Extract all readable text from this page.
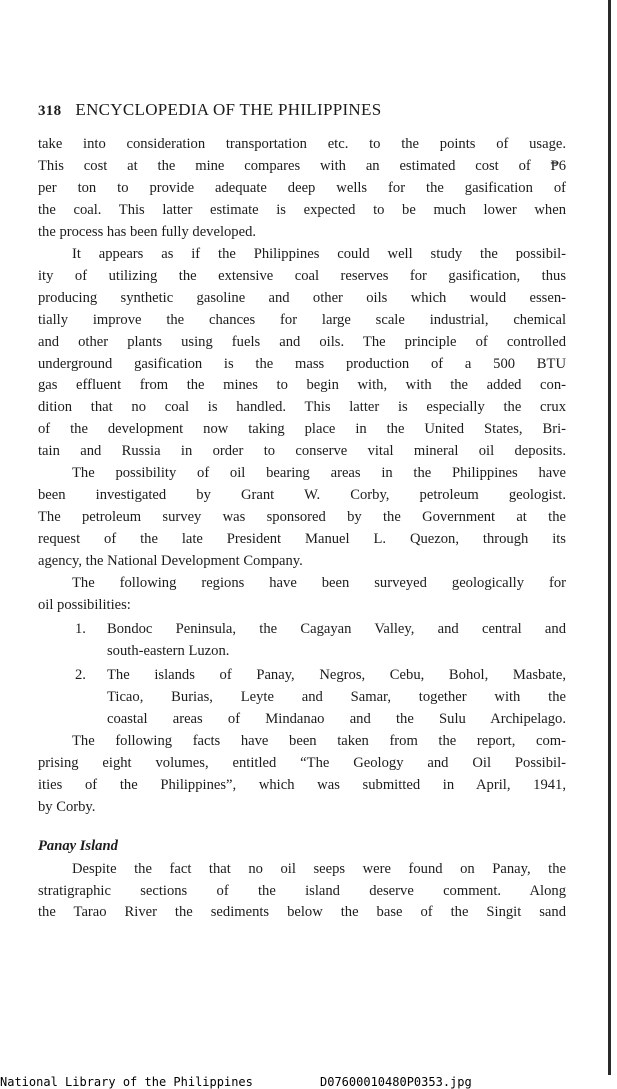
318 ENCYCLOPEDIA OF THE PHILIPPINES
take into consideration transportation etc. to the points of usage.
This cost at the mine compares with an estimated cost of ₱6
per ton to provide adequate deep wells for the gasification of
the coal. This latter estimate is expected to be much lower when
the process has been fully developed.
It appears as if the Philippines could well study the possibil-
ity of utilizing the extensive coal reserves for gasification, thus
producing synthetic gasoline and other oils which would essen-
tially improve the chances for large scale industrial, chemical
and other plants using fuels and oils. The principle of controlled
underground gasification is the mass production of a 500 BTU
gas effluent from the mines to begin with, with the added con-
dition that no coal is handled. This latter is especially the crux
of the development now taking place in the United States, Bri-
tain and Russia in order to conserve vital mineral oil deposits.
The possibility of oil bearing areas in the Philippines have
been investigated by Grant W. Corby, petroleum geologist.
The petroleum survey was sponsored by the Government at the
request of the late President Manuel L. Quezon, through its
agency, the National Development Company.
The following regions have been surveyed geologically for
oil possibilities:
1. Bondoc Peninsula, the Cagayan Valley, and central and
south-eastern Luzon.
2. The islands of Panay, Negros, Cebu, Bohol, Masbate,
Ticao, Burias, Leyte and Samar, together with the
coastal areas of Mindanao and the Sulu Archipelago.
The following facts have been taken from the report, com-
prising eight volumes, entitled “The Geology and Oil Possibil-
ities of the Philippines”, which was submitted in April, 1941,
by Corby.
Panay Island
Despite the fact that no oil seeps were found on Panay, the
stratigraphic sections of the island deserve comment. Along
the Tarao River the sediments below the base of the Singit sand
National Library of the Philippines	D07600010480P0353.jpg
